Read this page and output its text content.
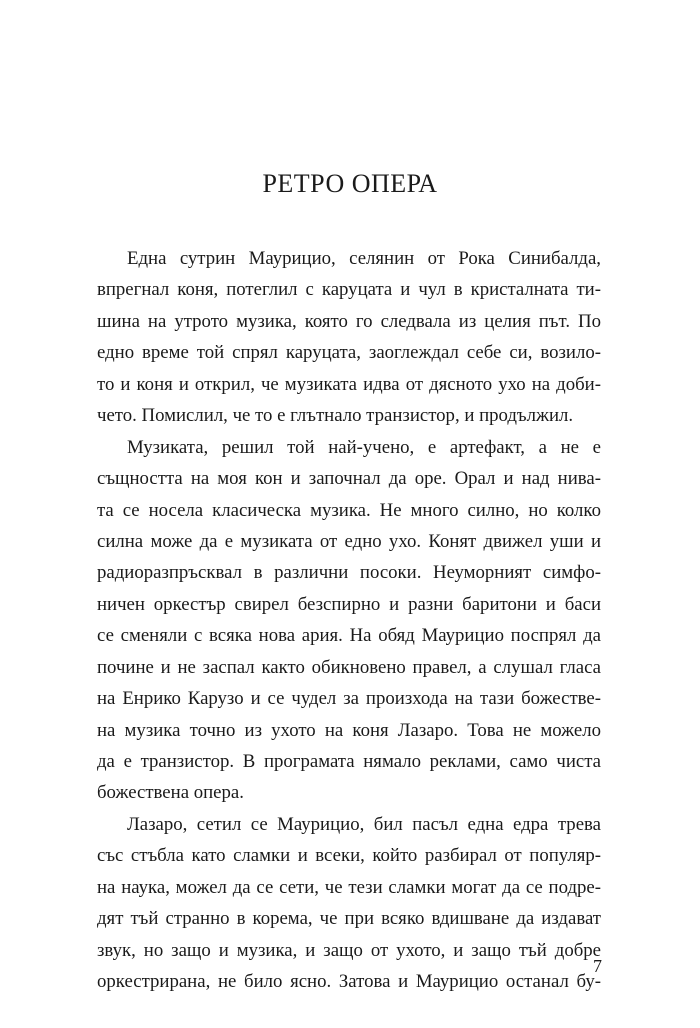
РЕТРО ОПЕРА
Една сутрин Маурицио, селянин от Рока Синибалда,
впрегнал коня, потеглил с каруцата и чул в кристалната ти-
шина на утрото музика, която го следвала из целия път. По
едно време той спрял каруцата, заоглеждал себе си, возило-
то и коня и открил, че музиката идва от дясното ухо на доби-
чето. Помислил, че то е глътнало транзистор, и продължил.
Музиката, решил той най-учено, е артефакт, а не е
същността на моя кон и започнал да оре. Орал и над нива-
та се носела класическа музика. Не много силно, но колко
силна може да е музиката от едно ухо. Конят движел уши и
радиоразпръсквал в различни посоки. Неуморният симфо-
ничен оркестър свирел безспирно и разни баритони и баси
се сменяли с всяка нова ария. На обяд Маурицио поспрял да
почине и не заспал както обикновено правел, а слушал гласа
на Енрико Карузо и се чудел за произхода на тази божестве-
на музика точно из ухото на коня Лазаро. Това не можело
да е транзистор. В програмата нямало реклами, само чиста
божествена опера.
Лазаро, сетил се Маурицио, бил пасъл една едра трева
със стъбла като сламки и всеки, който разбирал от популяр-
на наука, можел да се сети, че тези сламки могат да се подре-
дят тъй странно в корема, че при всяко вдишване да издават
звук, но защо и музика, и защо от ухото, и защо тъй добре
оркестрирана, не било ясно. Затова и Маурицио останал бу-
7
